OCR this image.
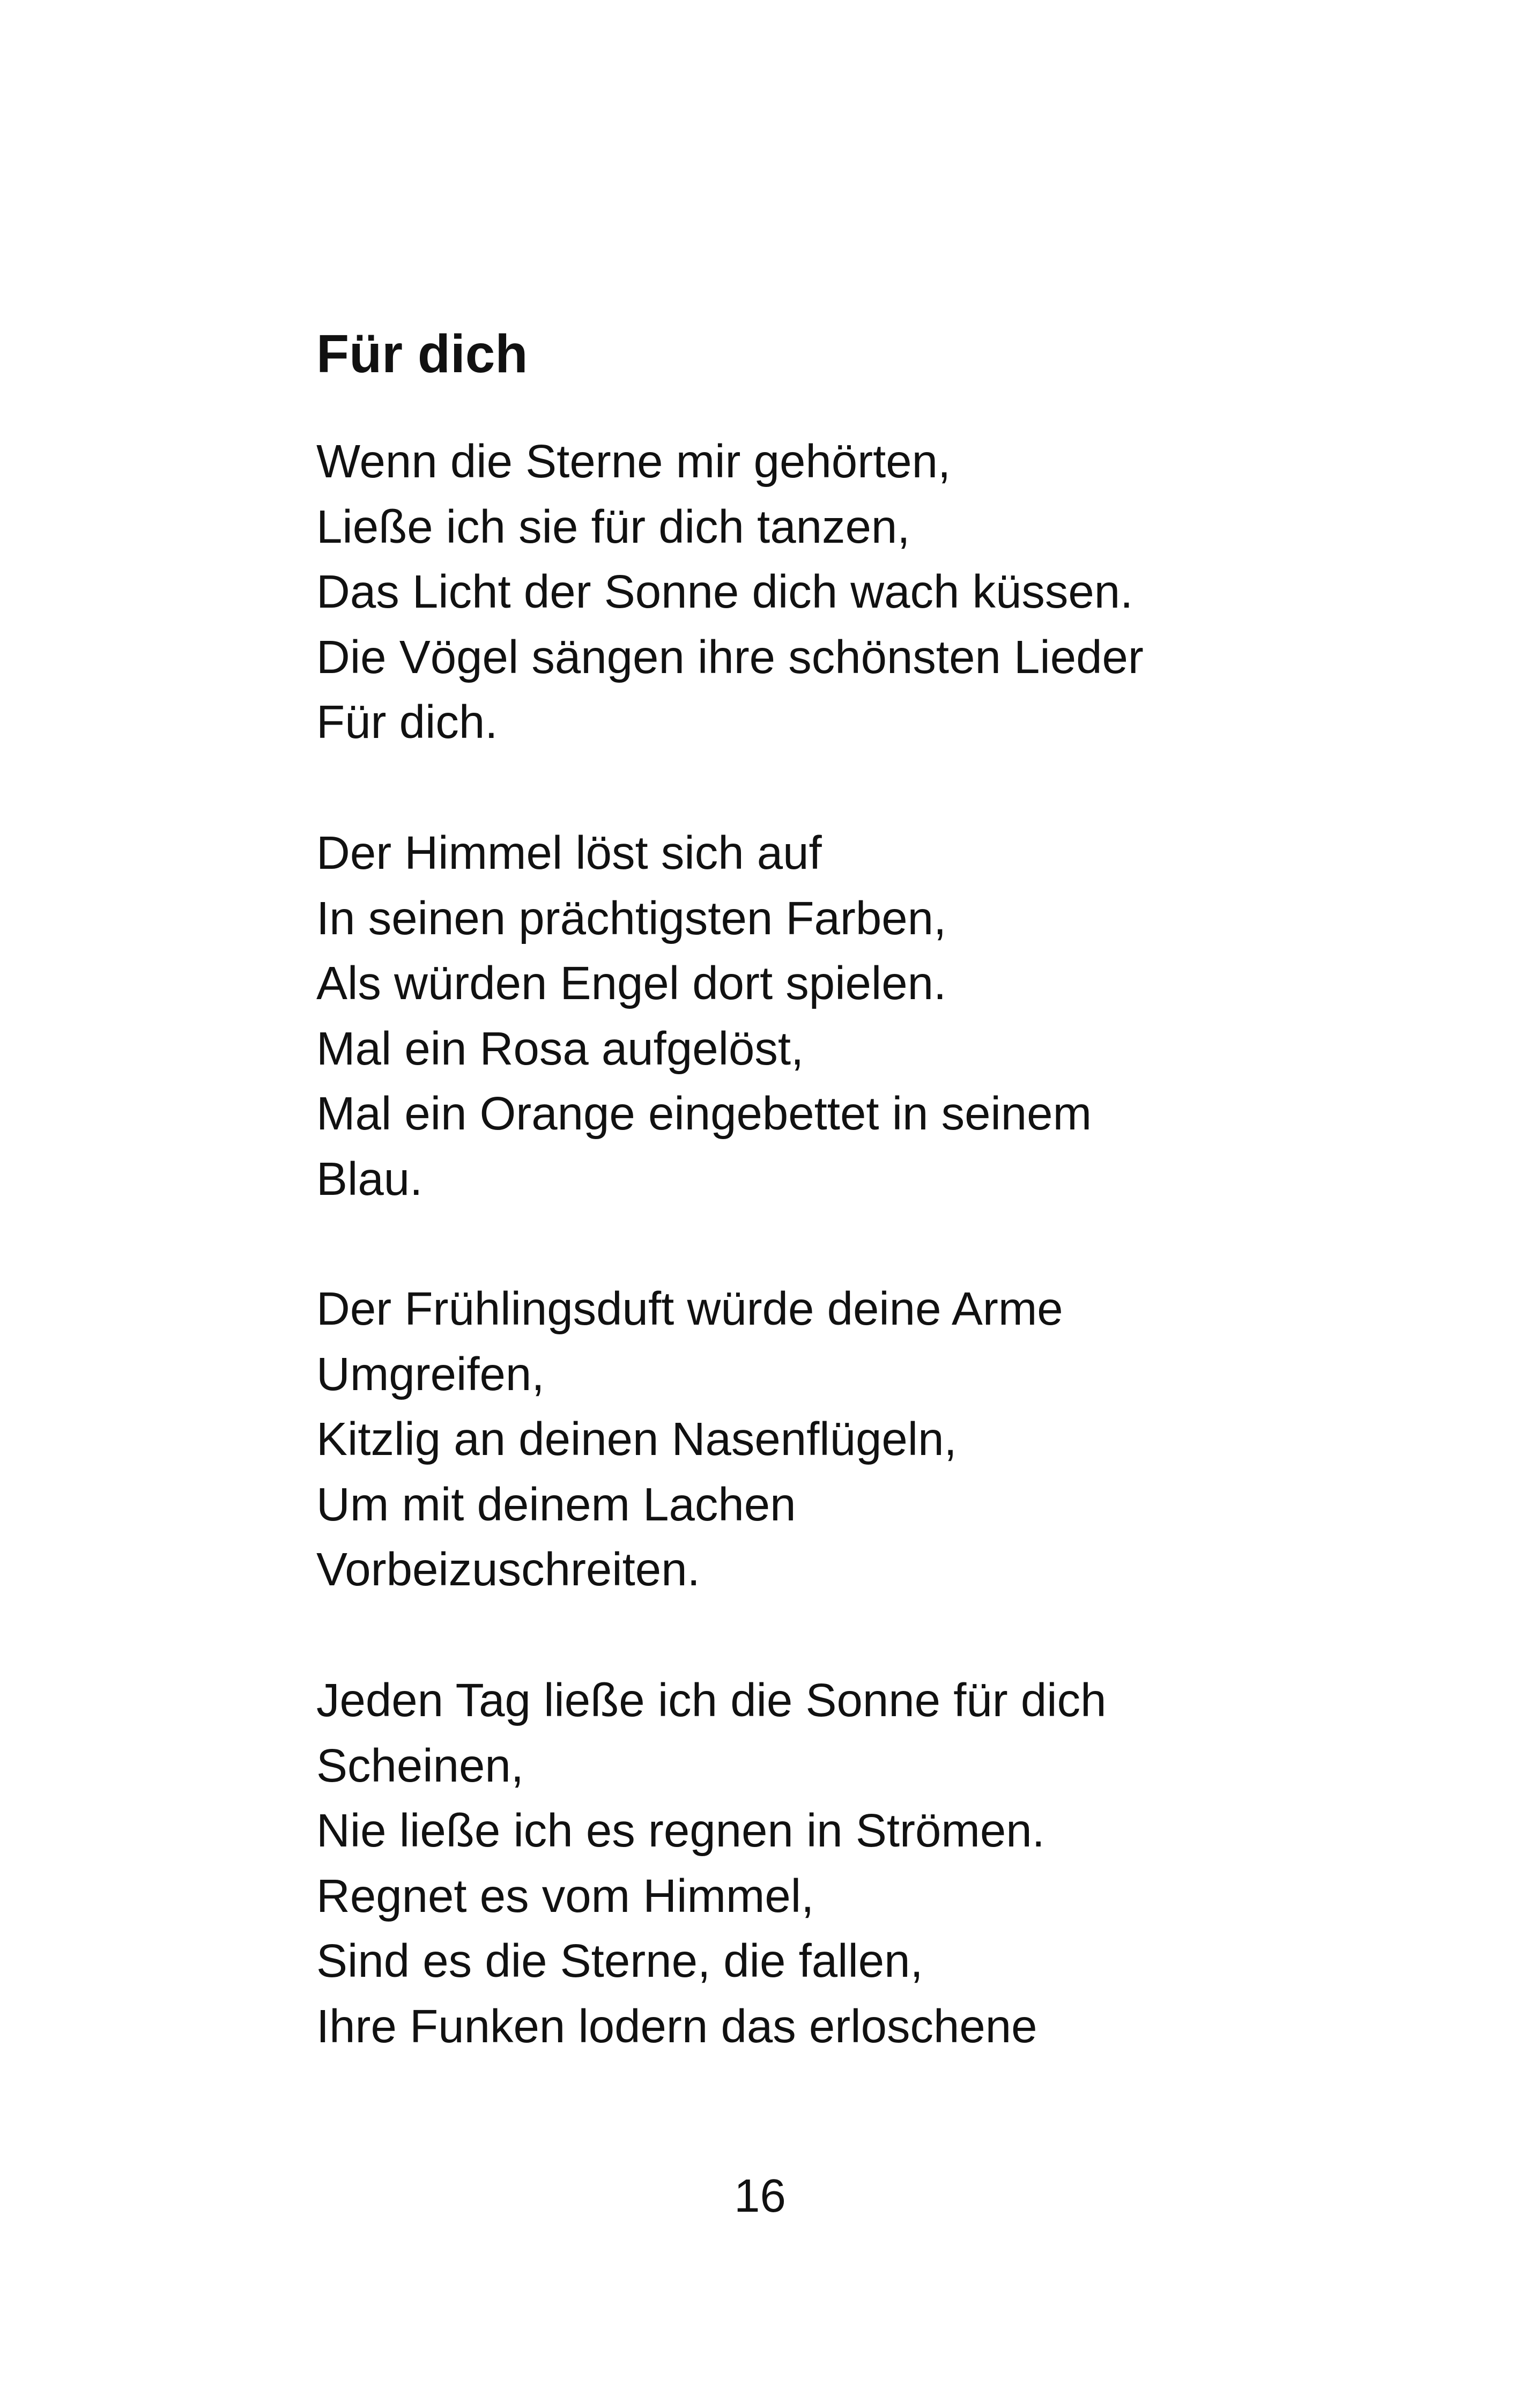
Für dich

Wenn die Sterne mir gehörten,
Ließe ich sie für dich tanzen,
Das Licht der Sonne dich wach küssen.
Die Vögel sängen ihre schönsten Lieder
Für dich.

Der Himmel löst sich auf
In seinen prächtigsten Farben,
Als würden Engel dort spielen.
Mal ein Rosa aufgelöst,
Mal ein Orange eingebettet in seinem
Blau.

Der Frühlingsduft würde deine Arme
Umgreifen,
Kitzlig an deinen Nasenflügeln,
Um mit deinem Lachen
Vorbeizuschreiten.

Jeden Tag ließe ich die Sonne für dich
Scheinen,
Nie ließe ich es regnen in Strömen.
Regnet es vom Himmel,
Sind es die Sterne, die fallen,
Ihre Funken lodern das erloschene

16
